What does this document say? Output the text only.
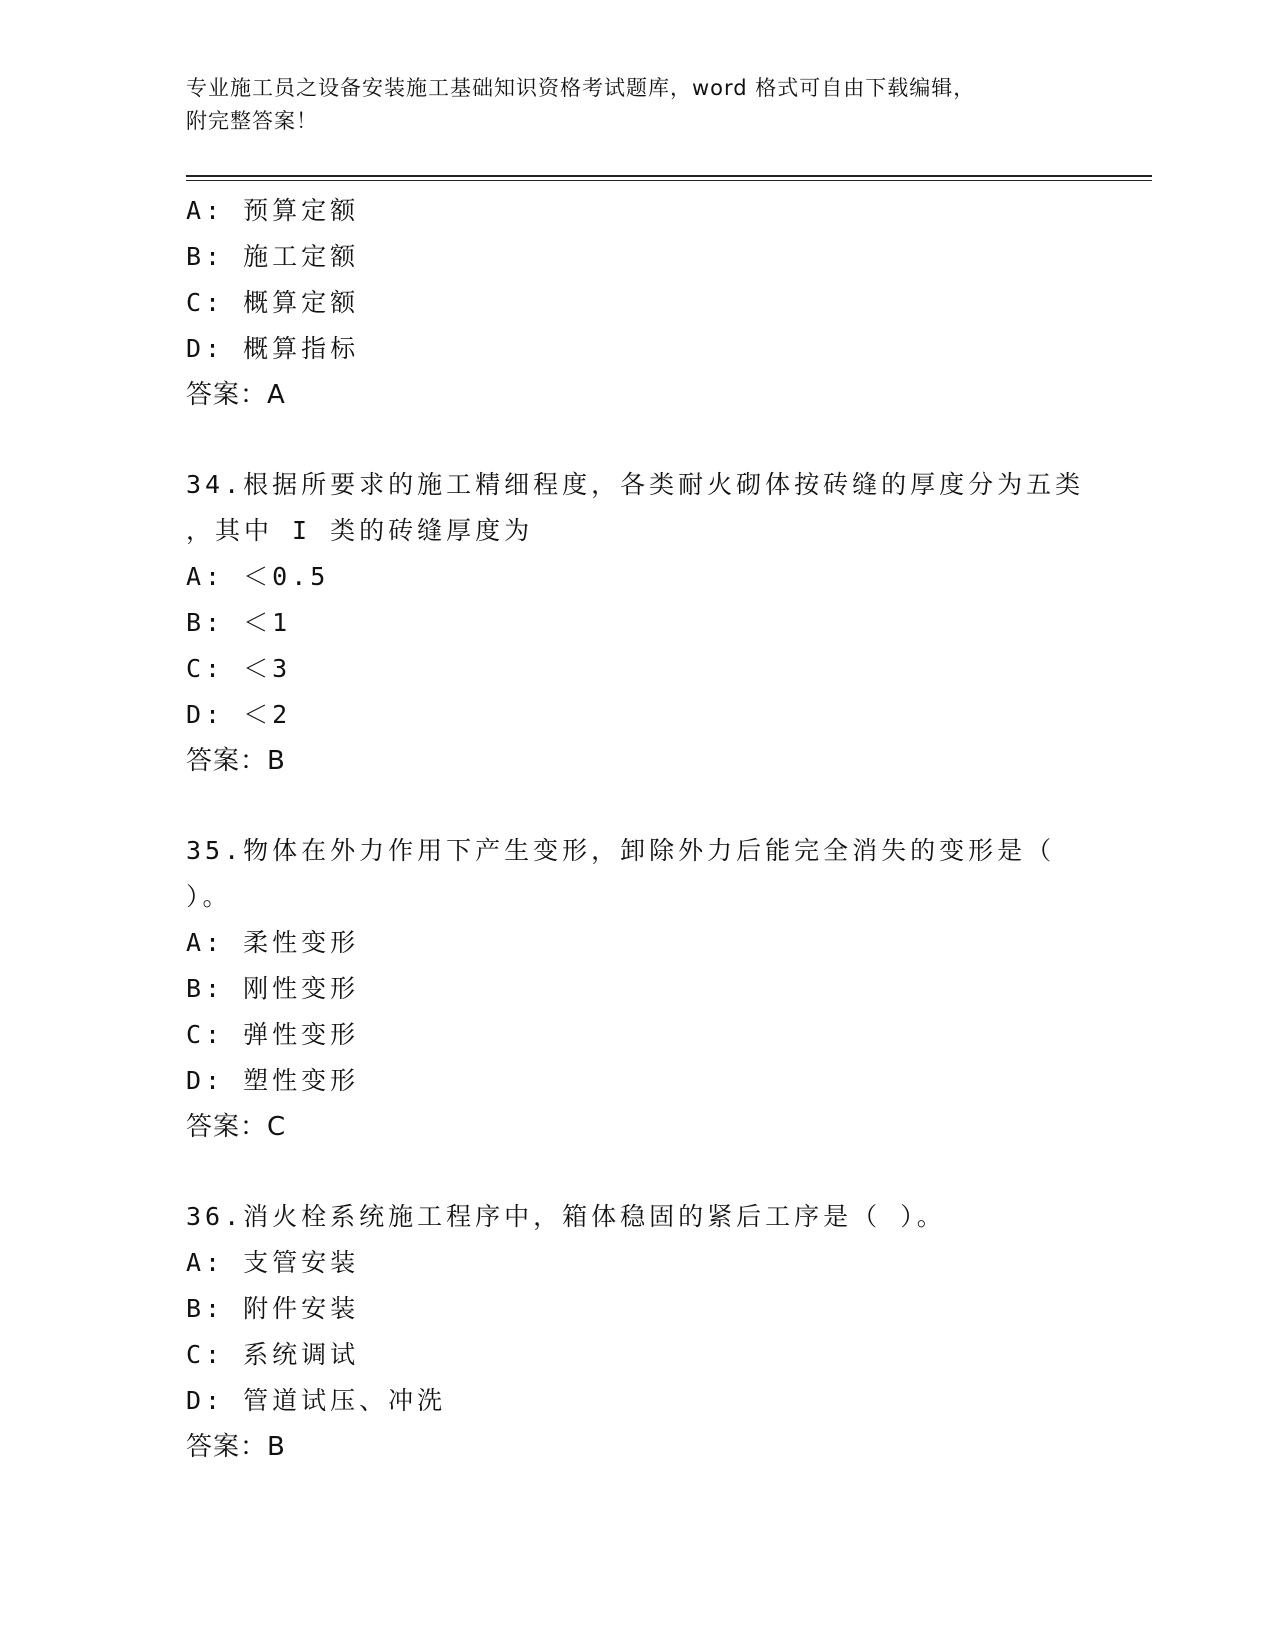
专业施工员之设备安装施工基础知识资格考试题库，word 格式可自由下载编辑，
附完整答案！
A: 预算定额
B: 施工定额
C: 概算定额
D: 概算指标
答案：A
34.根据所要求的施工精细程度，各类耐火砌体按砖缝的厚度分为五类
，其中 I 类的砖缝厚度为
A: ＜0.5
B: ＜1
C: ＜3
D: ＜2
答案：B
35.物体在外力作用下产生变形，卸除外力后能完全消失的变形是（
）。
A: 柔性变形
B: 刚性变形
C: 弹性变形
D: 塑性变形
答案：C
36.消火栓系统施工程序中，箱体稳固的紧后工序是（ ）。
A: 支管安装
B: 附件安装
C: 系统调试
D: 管道试压、冲洗
答案：B
